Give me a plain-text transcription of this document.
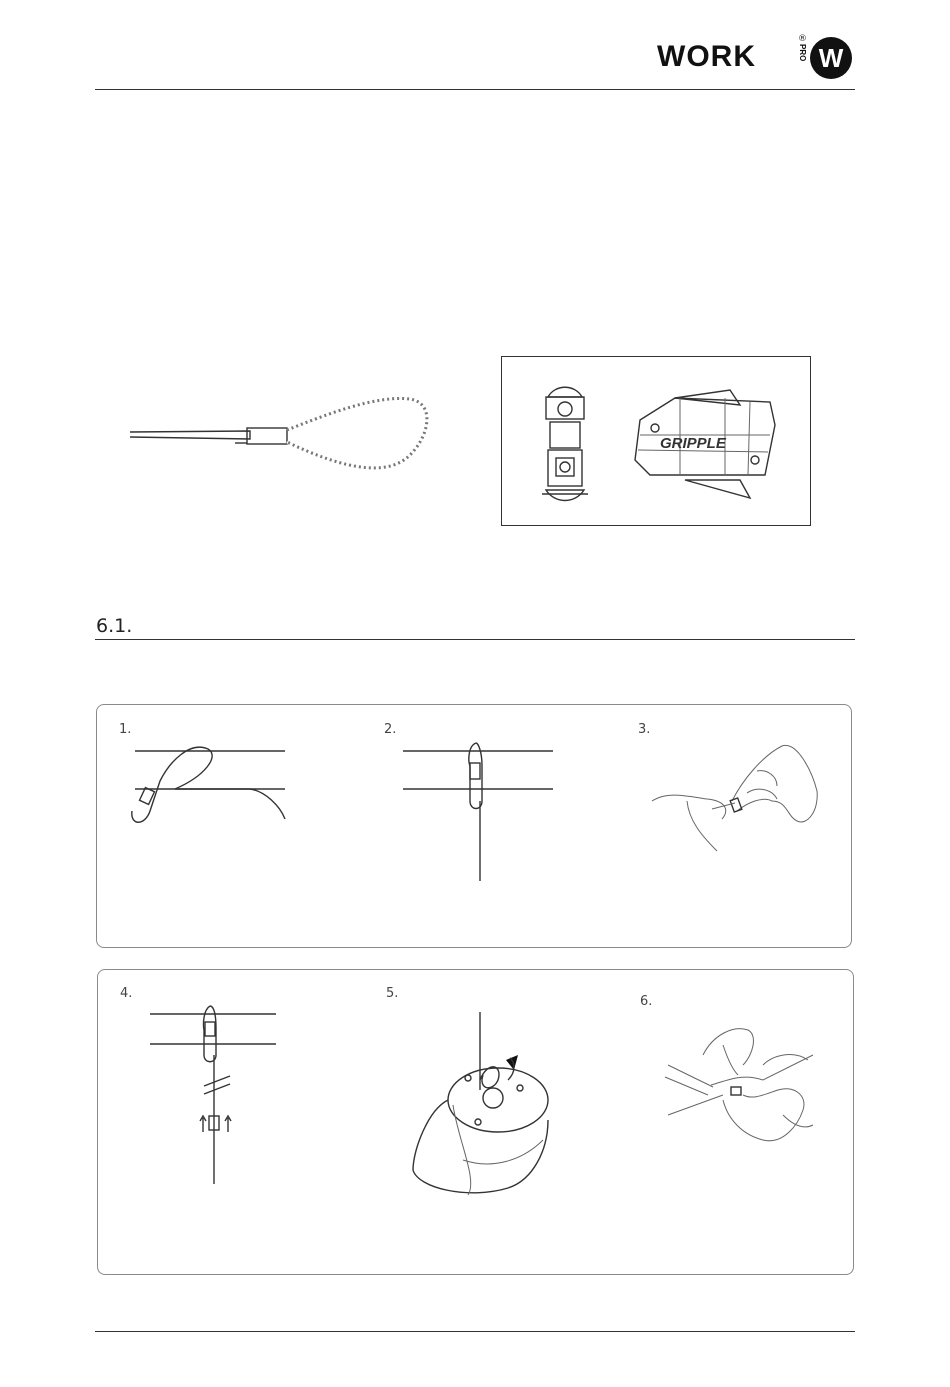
WORK	PRO
®
W
GRIPPLE
6.1.
1.	2.	3.
4.	5.
6.
